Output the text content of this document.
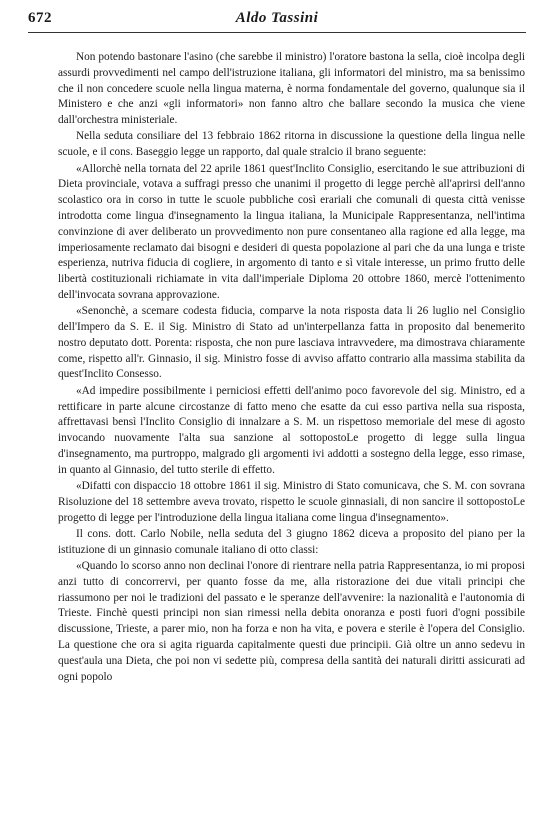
672	Aldo Tassini

Non potendo bastonare l'asino (che sarebbe il ministro) l'oratore bastona la sella, cioè incolpa degli assurdi provvedimenti nel campo dell'istruzione italiana, gli informatori del ministro, ma sa benissimo che il non concedere scuole nella lingua materna, è norma fondamentale del governo, qualunque sia il Ministero e che anzi «gli informatori» non fanno altro che ballare secondo la musica che viene dall'orchestra ministeriale.

Nella seduta consiliare del 13 febbraio 1862 ritorna in discussione la questione della lingua nelle scuole, e il cons. Baseggio legge un rapporto, dal quale stralcio il brano seguente:

«Allorchè nella tornata del 22 aprile 1861 quest'Inclito Consiglio, esercitando le sue attribuzioni di Dieta provinciale, votava a suffragi presso che unanimi il progetto di legge perchè all'aprirsi dell'anno scolastico ora in corso in tutte le scuole pubbliche così erariali che comunali di questa città venisse introdotta come lingua d'insegnamento la lingua italiana, la Municipale Rappresentanza, nell'intima convinzione di aver deliberato un provvedimento non pure consentaneo alla ragione ed alla legge, ma imperiosamente reclamato dai bisogni e desideri di questa popolazione al pari che da una lunga e triste esperienza, nutriva fiducia di cogliere, in argomento di tanto e sì vitale interesse, un primo frutto delle libertà costituzionali richiamate in vita dall'imperiale Diploma 20 ottobre 1860, mercè l'ottenimento dell'invocata sovrana approvazione.

«Senonchè, a scemare codesta fiducia, comparve la nota risposta data li 26 luglio nel Consiglio dell'Impero da S. E. il Sig. Ministro di Stato ad un'interpellanza fatta in proposito dal benemerito nostro deputato dott. Porenta: risposta, che non pure lasciava intravvedere, ma dimostrava chiaramente come, rispetto all'r. Ginnasio, il sig. Ministro fosse di avviso affatto contrario alla massima stabilita da quest'Inclito Consesso.

«Ad impedire possibilmente i perniciosi effetti dell'animo poco favorevole del sig. Ministro, ed a rettificare in parte alcune circostanze di fatto meno che esatte da cui esso partiva nella sua risposta, affrettavasi bensì l'Inclito Consiglio di innalzare a S. M. un rispettoso memoriale del mese di agosto invocando nuovamente l'alta sua sanzione al sottopostoLe progetto di legge sulla lingua d'insegnamento, ma purtroppo, malgrado gli argomenti ivi addotti a sostegno della legge, esso rimase, in quanto al Ginnasio, del tutto sterile di effetto.

«Difatti con dispaccio 18 ottobre 1861 il sig. Ministro di Stato comunicava, che S. M. con sovrana Risoluzione del 18 settembre aveva trovato, rispetto le scuole ginnasiali, di non sancire il sottopostoLe progetto di legge per l'introduzione della lingua italiana come lingua d'insegnamento».

Il cons. dott. Carlo Nobile, nella seduta del 3 giugno 1862 diceva a proposito del piano per la istituzione di un ginnasio comunale italiano di otto classi:

«Quando lo scorso anno non declinai l'onore di rientrare nella patria Rappresentanza, io mi proposi anzi tutto di concorrervi, per quanto fosse da me, alla ristorazione dei due vitali principi che riassumono per noi le tradizioni del passato e le speranze dell'avvenire: la nazionalità e l'autonomia di Trieste. Finchè questi principi non sian rimessi nella debita onoranza e posti fuori d'ogni possibile discussione, Trieste, a parer mio, non ha forza e non ha vita, e povera e sterile è l'opera del Consiglio. La questione che ora si agita riguarda capitalmente questi due principii. Già oltre un anno sedevu in quest'aula una Dieta, che poi non vi sedette più, compresa della santità dei naturali diritti assicurati ad ogni popolo
